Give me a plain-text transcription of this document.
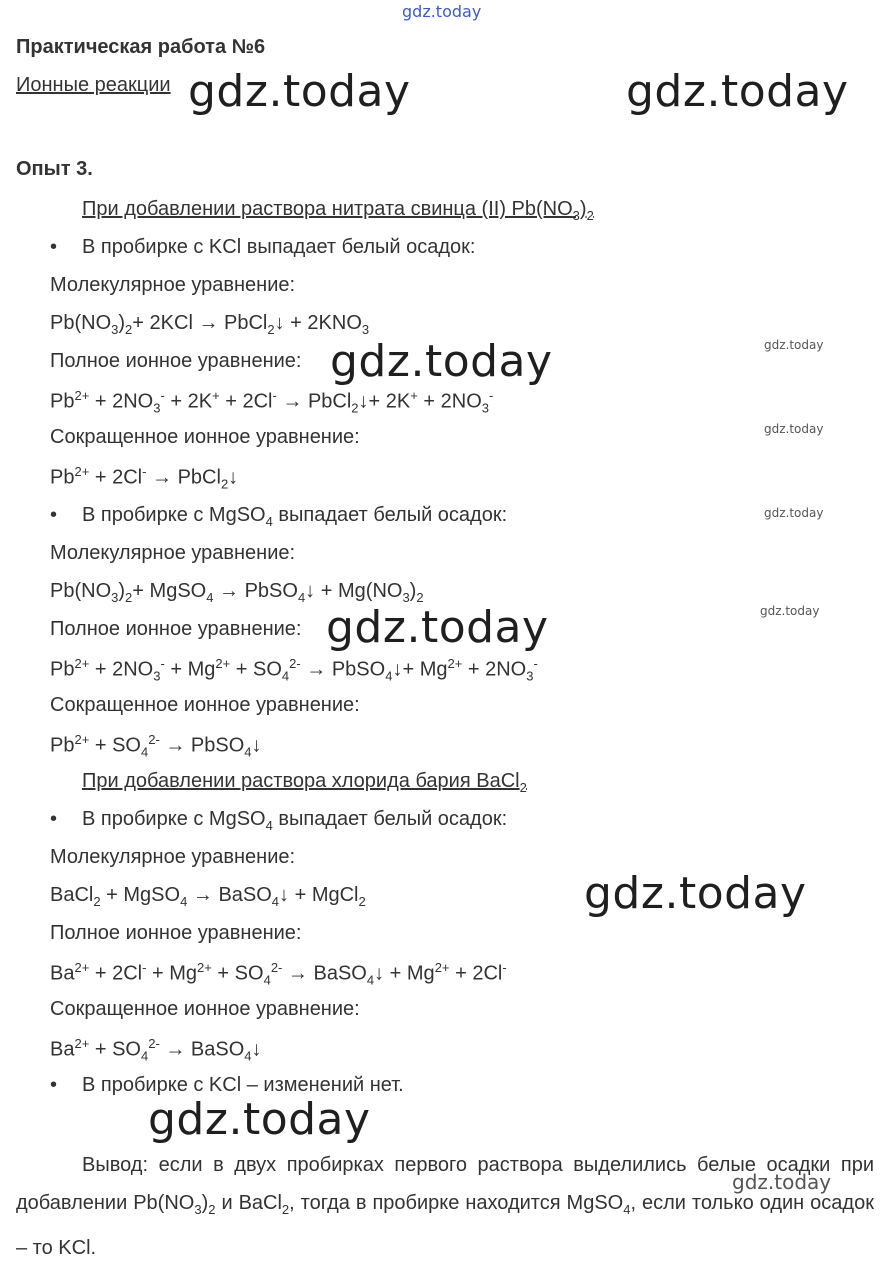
gdz.today
Практическая работа №6
Ионные реакции gdz.today	gdz.today
Опыт 3.
При добавлении раствора нитрата свинца (II) $Pb(NO_3)_2$
• В пробирке с KCl выпадает белый осадок:
Молекулярное уравнение:
$Pb(NO_3)_2+ 2KCl$ → PbCl$_2$↓ + $2KNO_3$
gdz.today
Полное ионное уравнение: gdz.today
$Pb^{2+} + 2NO_3^- + 2K^+ + 2Cl^-$ → PbCl$_2$↓+ $2K^+ + 2NO_3^-$
gdz.today
Сокращенное ионное уравнение:
$Pb^{2+} + 2Cl^-$ → PbCl$_2$↓
• В пробирке с MgSO$_4$ выпадает белый осадок:	gdz.today
Молекулярное уравнение:
$Pb(NO_3)_2+$ MgSO$_4$ → PbSO$_4$↓ + $Mg(NO_3)_2$
gdz.today
Полное ионное уравнение: gdz.today
$Pb^{2+} + 2NO_3^- + Mg^{2+} + SO_4^{2-}$ → PbSO$_4$↓+ $Mg^{2+} + 2NO_3^-$
Сокращенное ионное уравнение:
$Pb^{2+} + SO_4^{2-}$ → PbSO$_4$↓
При добавлении раствора хлорида бария BaCl$_2$
• В пробирке с MgSO$_4$ выпадает белый осадок:
Молекулярное уравнение:
BaCl$_2$ + MgSO$_4$ → BaSO$_4$↓ + MgCl$_2$	gdz.today
Полное ионное уравнение:
$Ba^{2+} + 2Cl^- + Mg^{2+} + SO_4^{2-}$ → BaSO$_4$↓ + $Mg^{2+} + 2Cl^-$
Сокращенное ионное уравнение:
$Ba^{2+} + SO_4^{2-}$ → BaSO$_4$↓
• В пробирке с KCl – изменений нет.
gdz.today
Вывод: если в двух пробирках первого раствора выделились белые осадки при добавлении $Pb(NO_3)_2$ и BaCl$_2$, тогда в пробирке находится MgSO$_4$, если только один осадок – то KCl.
gdz.today
